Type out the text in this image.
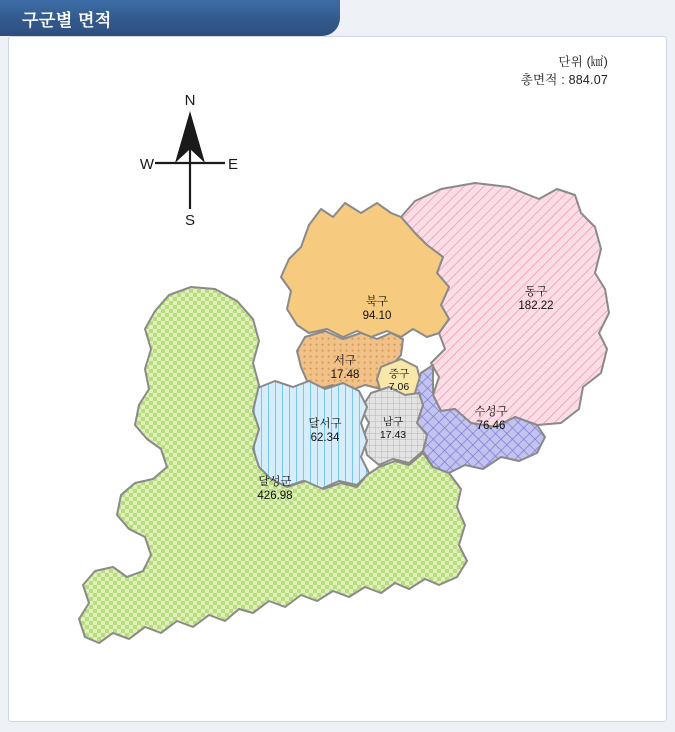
구군별 면적
단위 (㎢)
총면적 : 884.07
N
S
E
W
북구
94.10
동구
182.22
서구
17.48	중구
7.06
수성구
76.46
달서구
62.34
남구
17.43
달성군
426.98
